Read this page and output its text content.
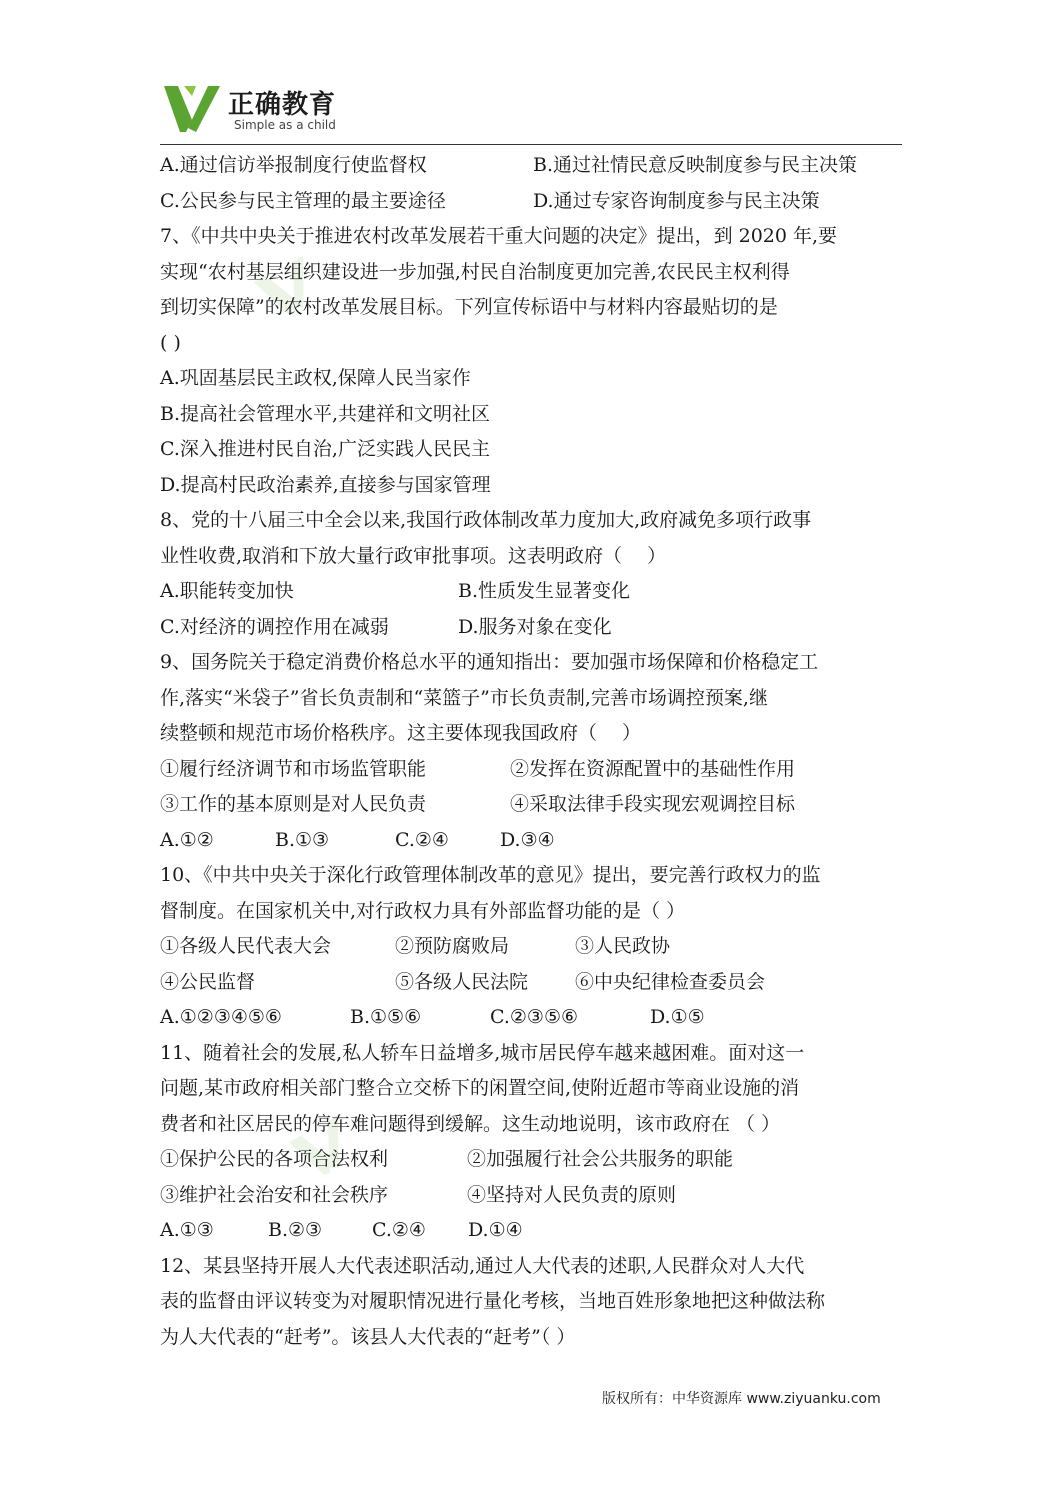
正确教育
Simple as a child
A.通过信访举报制度行使监督权	B.通过社情民意反映制度参与民主决策
C.公民参与民主管理的最主要途径	D.通过专家咨询制度参与民主决策
7、《中共中央关于推进农村改革发展若干重大问题的决定》提出，到 2020 年,要
实现“农村基层组织建设进一步加强,村民自治制度更加完善,农民民主权利得
到切实保障”的农村改革发展目标。下列宣传标语中与材料内容最贴切的是
( )
A.巩固基层民主政权,保障人民当家作
B.提高社会管理水平,共建祥和文明社区
C.深入推进村民自治,广泛实践人民民主
D.提高村民政治素养,直接参与国家管理
8、党的十八届三中全会以来,我国行政体制改革力度加大,政府减免多项行政事
业性收费,取消和下放大量行政审批事项。这表明政府（　 ）
A.职能转变加快	B.性质发生显著变化
C.对经济的调控作用在减弱	D.服务对象在变化
9、国务院关于稳定消费价格总水平的通知指出：要加强市场保障和价格稳定工
作,落实“米袋子”省长负责制和“菜篮子”市长负责制,完善市场调控预案,继
续整顿和规范市场价格秩序。这主要体现我国政府（　 ）
①履行经济调节和市场监管职能	②发挥在资源配置中的基础性作用
③工作的基本原则是对人民负责	④采取法律手段实现宏观调控目标
A.①②	B.①③	C.②④	D.③④
10、《中共中央关于深化行政管理体制改革的意见》提出，要完善行政权力的监
督制度。在国家机关中,对行政权力具有外部监督功能的是（ ）
①各级人民代表大会	②预防腐败局	③人民政协
④公民监督	⑤各级人民法院 ⑥中央纪律检查委员会
A.①②③④⑤⑥	B.①⑤⑥	C.②③⑤⑥	D.①⑤
11、随着社会的发展,私人轿车日益增多,城市居民停车越来越困难。面对这一
问题,某市政府相关部门整合立交桥下的闲置空间,使附近超市等商业设施的消
费者和社区居民的停车难问题得到缓解。这生动地说明，该市政府在 （ ）
①保护公民的各项合法权利	②加强履行社会公共服务的职能
③维护社会治安和社会秩序	④坚持对人民负责的原则
A.①③	B.②③	C.②④ D.①④
12、某县坚持开展人大代表述职活动,通过人大代表的述职,人民群众对人大代
表的监督由评议转变为对履职情况进行量化考核，当地百姓形象地把这种做法称
为人大代表的“赶考”。该县人大代表的“赶考”（ ）
版权所有：中华资源库 www.ziyuanku.com
